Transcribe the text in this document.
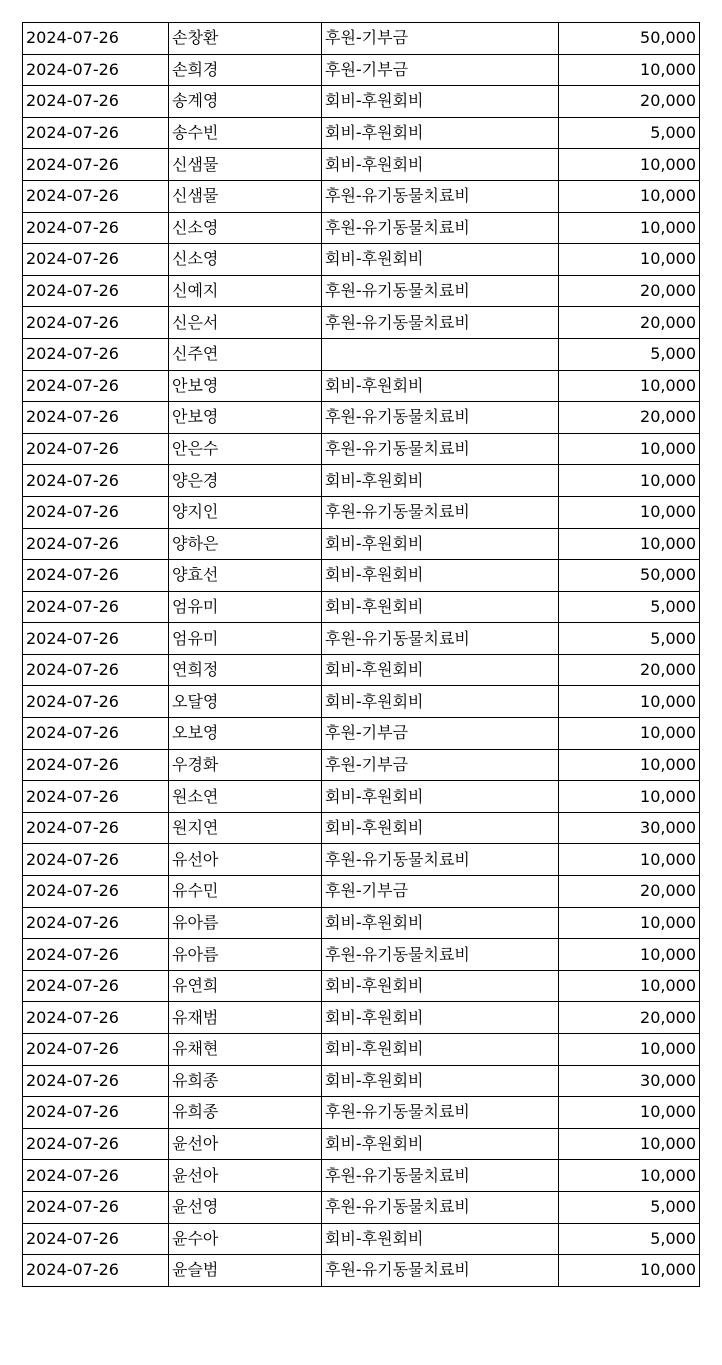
2024-07-26	손창환	후원-기부금	50,000
2024-07-26	손희경	후원-기부금	10,000
2024-07-26	송계영	회비-후원회비	20,000
2024-07-26	송수빈	회비-후원회비	5,000
2024-07-26	신샘물	회비-후원회비	10,000
2024-07-26	신샘물	후원-유기동물치료비	10,000
2024-07-26	신소영	후원-유기동물치료비	10,000
2024-07-26	신소영	회비-후원회비	10,000
2024-07-26	신예지	후원-유기동물치료비	20,000
2024-07-26	신은서	후원-유기동물치료비	20,000
2024-07-26	신주연		5,000
2024-07-26	안보영	회비-후원회비	10,000
2024-07-26	안보영	후원-유기동물치료비	20,000
2024-07-26	안은수	후원-유기동물치료비	10,000
2024-07-26	양은경	회비-후원회비	10,000
2024-07-26	양지인	후원-유기동물치료비	10,000
2024-07-26	양하은	회비-후원회비	10,000
2024-07-26	양효선	회비-후원회비	50,000
2024-07-26	엄유미	회비-후원회비	5,000
2024-07-26	엄유미	후원-유기동물치료비	5,000
2024-07-26	연희정	회비-후원회비	20,000
2024-07-26	오달영	회비-후원회비	10,000
2024-07-26	오보영	후원-기부금	10,000
2024-07-26	우경화	후원-기부금	10,000
2024-07-26	원소연	회비-후원회비	10,000
2024-07-26	원지연	회비-후원회비	30,000
2024-07-26	유선아	후원-유기동물치료비	10,000
2024-07-26	유수민	후원-기부금	20,000
2024-07-26	유아름	회비-후원회비	10,000
2024-07-26	유아름	후원-유기동물치료비	10,000
2024-07-26	유연희	회비-후원회비	10,000
2024-07-26	유재범	회비-후원회비	20,000
2024-07-26	유채현	회비-후원회비	10,000
2024-07-26	유희종	회비-후원회비	30,000
2024-07-26	유희종	후원-유기동물치료비	10,000
2024-07-26	윤선아	회비-후원회비	10,000
2024-07-26	윤선아	후원-유기동물치료비	10,000
2024-07-26	윤선영	후원-유기동물치료비	5,000
2024-07-26	윤수아	회비-후원회비	5,000
2024-07-26	윤슬범	후원-유기동물치료비	10,000
